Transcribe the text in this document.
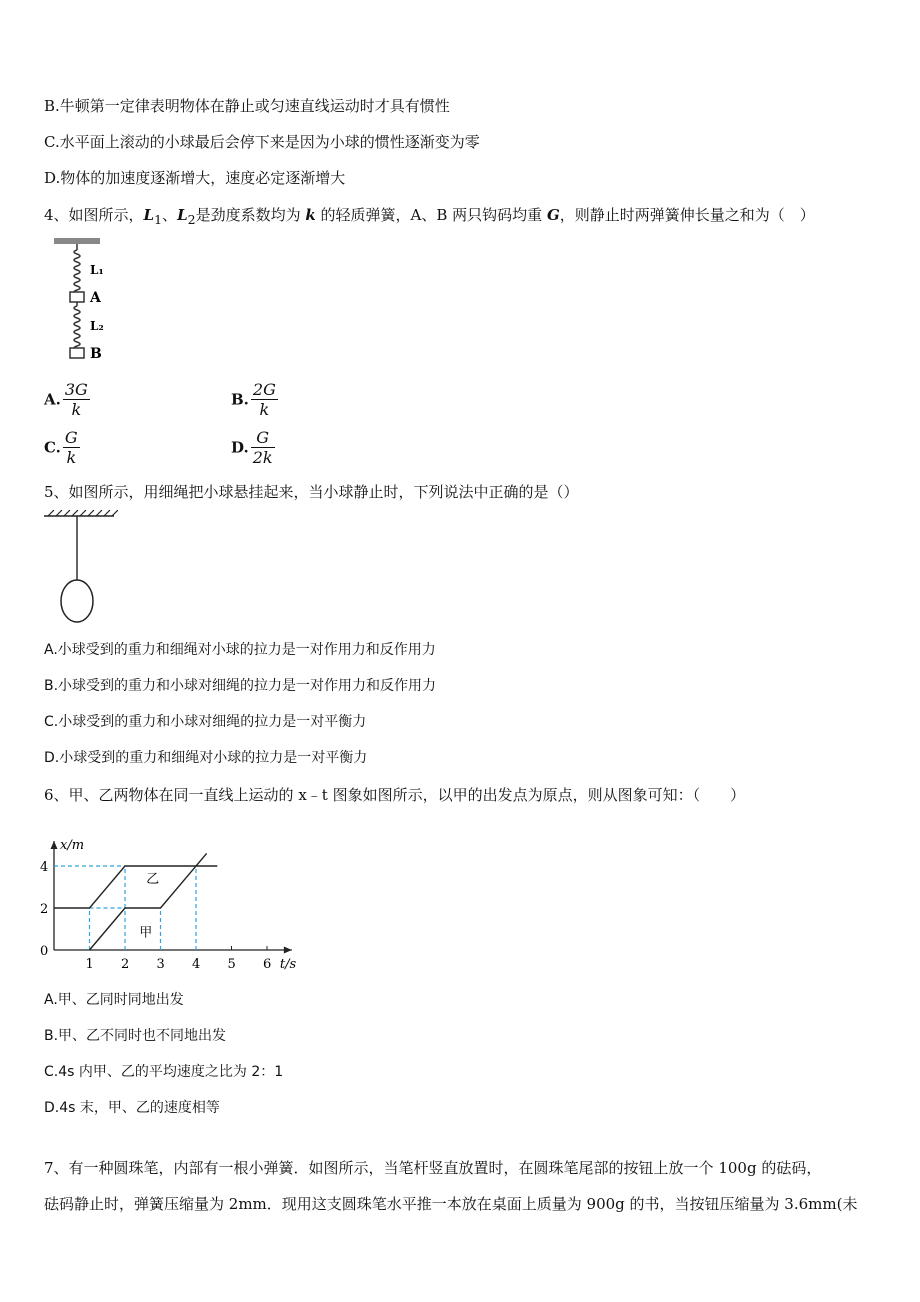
B.牛顿第一定律表明物体在静止或匀速直线运动时才具有惯性
C.水平面上滚动的小球最后会停下来是因为小球的惯性逐渐变为零
D.物体的加速度逐渐增大，速度必定逐渐增大
4、如图所示，$L_1$、$L_2$是劲度系数均为 k 的轻质弹簧，A、B 两只钩码均重 G，则静止时两弹簧伸长量之和为（　）
L₁
A
L₂
B
A. $\frac{3G}{k}$	B. $\frac{2G}{k}$
C. $\frac{G}{k}$	D. $\frac{G}{2k}$
5、如图所示，用细绳把小球悬挂起来，当小球静止时，下列说法中正确的是（）
A.小球受到的重力和细绳对小球的拉力是一对作用力和反作用力
B.小球受到的重力和小球对细绳的拉力是一对作用力和反作用力
C.小球受到的重力和小球对细绳的拉力是一对平衡力
D.小球受到的重力和细绳对小球的拉力是一对平衡力
6、甲、乙两物体在同一直线上运动的 x﹣t 图象如图所示，以甲的出发点为原点，则从图象可知：（　　）
x/m
t/s
1 2 3 4 5 6
0
2
4
甲
乙
A.甲、乙同时同地出发
B.甲、乙不同时也不同地出发
C.4s 内甲、乙的平均速度之比为 2：1
D.4s 末，甲、乙的速度相等
7、有一种圆珠笔，内部有一根小弹簧．如图所示，当笔杆竖直放置时，在圆珠笔尾部的按钮上放一个 100g 的砝码，
砝码静止时，弹簧压缩量为 2mm．现用这支圆珠笔水平推一本放在桌面上质量为 900g 的书，当按钮压缩量为 3.6mm(未
